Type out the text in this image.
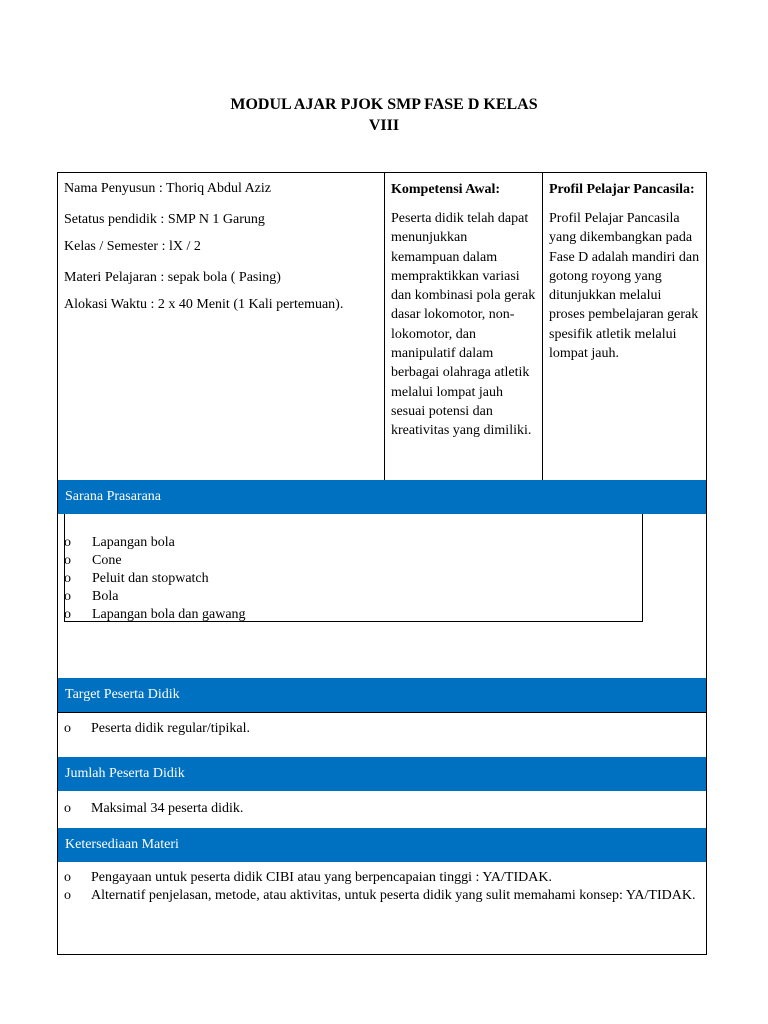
MODUL AJAR PJOK SMP FASE D KELAS
VIII

Nama Penyusun : Thoriq Abdul Aziz

Setatus pendidik : SMP N 1 Garung

Kelas / Semester : lX / 2

Materi Pelajaran : sepak bola ( Pasing)

Alokasi Waktu : 2 x 40 Menit (1 Kali pertemuan).

Kompetensi Awal:

Peserta didik telah dapat menunjukkan kemampuan dalam mempraktikkan variasi dan kombinasi pola gerak dasar lokomotor, non-lokomotor, dan manipulatif dalam berbagai olahraga atletik melalui lompat jauh sesuai potensi dan kreativitas yang dimiliki.

Profil Pelajar Pancasila:

Profil Pelajar Pancasila yang dikembangkan pada Fase D adalah mandiri dan gotong royong yang ditunjukkan melalui proses pembelajaran gerak spesifik atletik melalui lompat jauh.

Sarana Prasarana
o Lapangan bola
o Cone
o Peluit dan stopwatch
o Bola
o Lapangan bola dan gawang
Target Peserta Didik
o Peserta didik regular/tipikal.
Jumlah Peserta Didik
o Maksimal 34 peserta didik.
Ketersediaan Materi
o Pengayaan untuk peserta didik CIBI atau yang berpencapaian tinggi : YA/TIDAK.
o Alternatif penjelasan, metode, atau aktivitas, untuk peserta didik yang sulit memahami konsep: YA/TIDAK.
